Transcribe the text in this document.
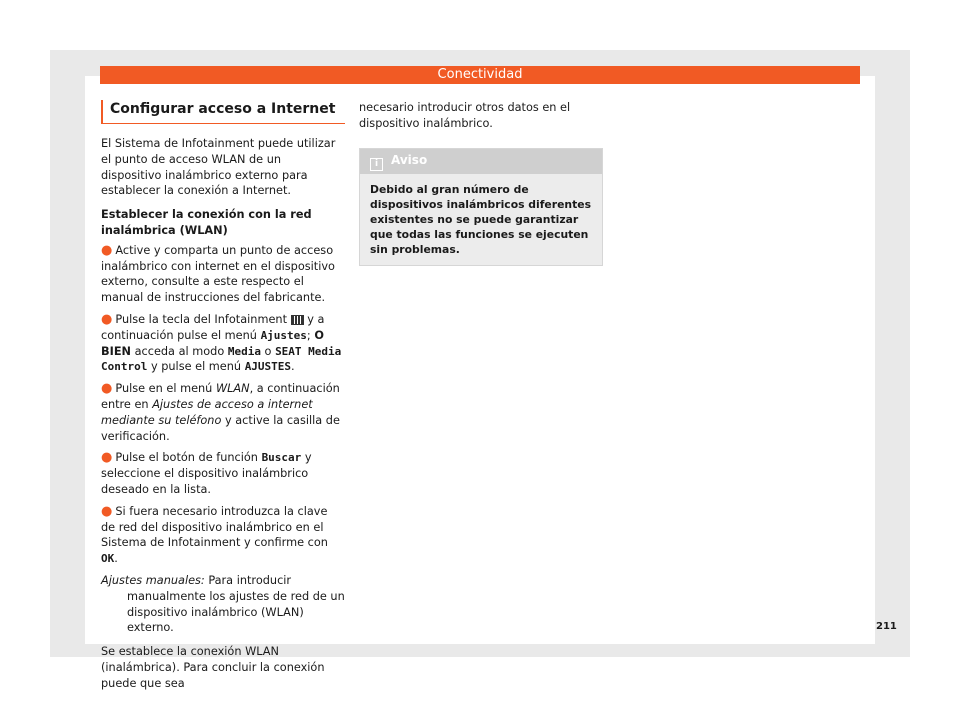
Conectividad
Configurar acceso a Internet

El Sistema de Infotainment puede utilizar el punto de acceso WLAN de un dispositivo inalámbrico externo para establecer la conexión a Internet.

Establecer la conexión con la red inalámbrica (WLAN)

● Active y comparta un punto de acceso inalámbrico con internet en el dispositivo externo, consulte a este respecto el manual de instrucciones del fabricante.

● Pulse la tecla del Infotainment y a continuación pulse el menú Ajustes; O BIEN acceda al modo Media o SEAT Media Control y pulse el menú AJUSTES.

● Pulse en el menú WLAN, a continuación entre en Ajustes de acceso a internet mediante su teléfono y active la casilla de verificación.

● Pulse el botón de función Buscar y seleccione el dispositivo inalámbrico deseado en la lista.

● Si fuera necesario introduzca la clave de red del dispositivo inalámbrico en el Sistema de Infotainment y confirme con OK.

Ajustes manuales: Para introducir manualmente los ajustes de red de un dispositivo inalámbrico (WLAN) externo.

Se establece la conexión WLAN (inalámbrica). Para concluir la conexión puede que sea

necesario introducir otros datos en el dispositivo inalámbrico.

i Aviso
Debido al gran número de dispositivos inalámbricos diferentes existentes no se puede garantizar que todas las funciones se ejecuten sin problemas.
211
